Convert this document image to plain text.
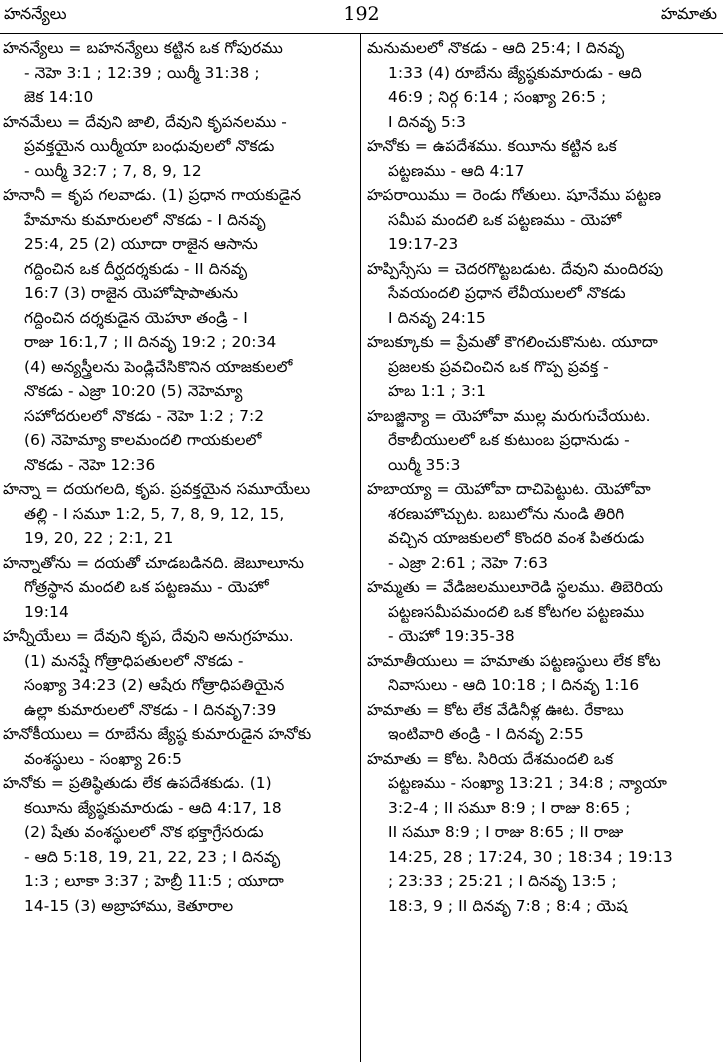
హనన్యేలు	192	హమాతు
హనన్యేలు = బహనన్యేలు కట్టిన ఒక గోపురము
- నెహె 3:1 ; 12:39 ; యిర్మీ 31:38 ;
జెక 14:10
హనమేలు = దేవుని జాలి, దేవుని కృపనలము -
ప్రవక్తయైన యిర్మీయా బంధువులలో నొకడు
- యిర్మీ 32:7 ; 7, 8, 9, 12
హనానీ = కృప గలవాడు. (1) ప్రధాన గాయకుడైన
హేమాను కుమారులలో నొకడు - I దినవృ
25:4, 25 (2) యూదా రాజైన ఆసాను
గద్దించిన ఒక దీర్ఘదర్శకుడు - II దినవృ
16:7 (3) రాజైన యెహోషాపాతును
గద్దించిన దర్శకుడైన యెహూ తండ్రి - I
రాజు 16:1,7 ; II దినవృ 19:2 ; 20:34
(4) అన్యస్త్రీలను పెండ్లిచేసికొనిన యాజకులలో
నొకడు - ఎజ్రా 10:20 (5) నెహెమ్యా
సహోదరులలో నొకడు - నెహె 1:2 ; 7:2
(6) నెహెమ్యా కాలమందలి గాయకులలో
నొకడు - నెహె 12:36
హన్నా = దయగలది, కృప. ప్రవక్తయైన సమూయేలు
తల్లి - I సమూ 1:2, 5, 7, 8, 9, 12, 15,
19, 20, 22 ; 2:1, 21
హన్నాతోను = దయతో చూడబడినది. జెబూలూను
గోత్రస్థాన మందలి ఒక పట్టణము - యెహో
19:14
హన్నీయేలు = దేవుని కృప, దేవుని అనుగ్రహము.
(1) మనష్షే గోత్రాధిపతులలో నొకడు -
సంఖ్యా 34:23 (2) ఆషేరు గోత్రాధిపతియైన
ఉల్లా కుమారులలో నొకడు - I దినవృ7:39
హనోకీయులు = రూబేను జ్యేష్ఠ కుమారుడైన హనోకు
వంశస్థులు - సంఖ్యా 26:5
హనోకు = ప్రతిష్ఠితుడు లేక ఉపదేశకుడు. (1)
కయీను జ్యేష్ఠకుమారుడు - ఆది 4:17, 18
(2) షేతు వంశస్థులలో నొక భక్తాగ్రేసరుడు
- ఆది 5:18, 19, 21, 22, 23 ; I దినవృ
1:3 ; లూకా 3:37 ; హెబ్రీ 11:5 ; యూదా
14-15 (3) అబ్రాహాము, కెతూరాల
మనుమలలో నొకడు - ఆది 25:4; I దినవృ
1:33 (4) రూబేను జ్యేష్ఠకుమారుడు - ఆది
46:9 ; నిర్గ 6:14 ; సంఖ్యా 26:5 ;
I దినవృ 5:3
హనోకు = ఉపదేశము. కయీను కట్టిన ఒక
పట్టణము - ఆది 4:17
హపరాయిము = రెండు గోతులు. షూనేము పట్టణ
సమీప మందలి ఒక పట్టణము - యెహో
19:17-23
హప్పిస్సేసు = చెదరగొట్టబడుట. దేవుని మందిరపు
సేవయందలి ప్రధాన లేవీయులలో నొకడు
I దినవృ 24:15
హబక్కూకు = ప్రేమతో కౌగలించుకొనుట. యూదా
ప్రజలకు ప్రవచించిన ఒక గొప్ప ప్రవక్త -
హబ 1:1 ; 3:1
హబజ్జిన్యా = యెహోవా ముల్ల మరుగుచేయుట.
రేకాబీయులలో ఒక కుటుంబ ప్రధానుడు -
యిర్మీ 35:3
హబాయ్యా = యెహోవా దాచిపెట్టుట. యెహోవా
శరణుహొచ్చుట. బబులోను నుండి తిరిగి
వచ్చిన యాజకులలో కొందరి వంశ పితరుడు
- ఎజ్రా 2:61 ; నెహె 7:63
హమ్మతు = వేడిజలములూరెడి స్థలము. తిబెరియ
పట్టణసమీపమందలి ఒక కోటగల పట్టణము
- యెహో 19:35-38
హమాతీయులు = హమాతు పట్టణస్థులు లేక కోట
నివాసులు - ఆది 10:18 ; I దినవృ 1:16
హమాతు = కోట లేక వేడినీళ్ల ఊట. రేకాబు
ఇంటివారి తండ్రి - I దినవృ 2:55
హమాతు = కోట. సిరియ దేశమందలి ఒక
పట్టణము - సంఖ్యా 13:21 ; 34:8 ; న్యాయా
3:2-4 ; II సమూ 8:9 ; I రాజు 8:65 ;
II సమూ 8:9 ; I రాజు 8:65 ; II రాజు
14:25, 28 ; 17:24, 30 ; 18:34 ; 19:13
; 23:33 ; 25:21 ; I దినవృ 13:5 ;
18:3, 9 ; II దినవృ 7:8 ; 8:4 ; యెష
